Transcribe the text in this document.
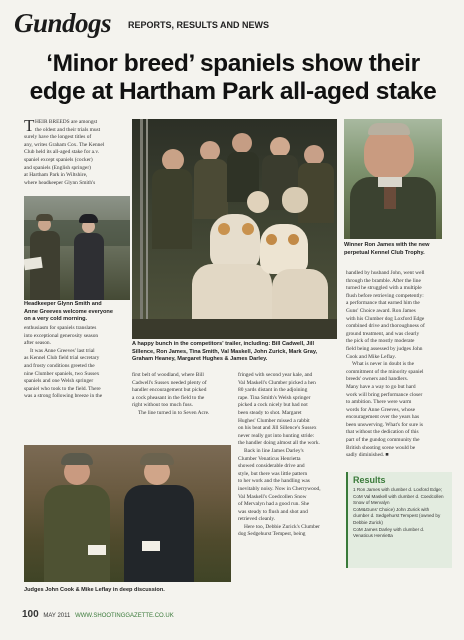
Gundogs REPORTS, RESULTS AND NEWS
‘Minor breed’ spaniels show their
edge at Hartham Park all-aged stake
T HEIR BREEDS are amongst
the oldest and their trials must
surely have the longest titles of
any, writes Graham Cox. The Kennel
Club held its all-aged stake for a.v.
spaniel except spaniels (cocker)
and spaniels (English springer)
at Hartham Park in Wiltshire,
where headkeeper Glynn Smith's

Headkeeper Glynn Smith and
Anne Greeves welcome everyone
on a very cold morning.

enthusiasm for spaniels translates
into exceptional generosity season
after season.
It was Anne Greeves' last trial
as Kennel Club field trial secretary
and frosty conditions greeted the
nine Clumber spaniels, two Sussex
spaniels and one Welsh springer
spaniel who took to the field. There
was a strong following breeze in the

A happy bunch in the competitors' trailer, including: Bill Cadwell, Jill
Sillence, Ron James, Tina Smith, Val Maskell, John Zurick, Mark Gray,
Graham Heaney, Margaret Hughes & James Darley.

Winner Ron James with the new
perpetual Kennel Club Trophy.

first belt of woodland, where Bill
Cadwell's Sussex needed plenty of
handler encouragement but picked
a cock pheasant in the field to the
right without too much fuss.
The line turned in to Seven Acre.

fringed with second year kale, and
Val Maskell's Clumber picked a hen
80 yards distant in the adjoining
rape. Tina Smith's Welsh springer
picked a cock nicely but had not
been steady to shot. Margaret
Hughes' Clumber missed a rabbit
on his beat and Jill Sillence's Sussex
never really got into hunting stride:
the handler doing almost all the work.
Back in line James Darley's
Clumber Venaticus Henrietta
showed considerable drive and
style, but there was little pattern
to her work and the handling was
inevitably noisy. Now in Cherrywood,
Val Maskell's Coedcollen Snow
of Mervalyn had a good run. She
was steady to flush and shot and
retrieved cleanly.
Here too, Debbie Zurick's Clumber
dog Sedgehurst Tempest, being

handled by husband John, went well
through the bramble. After the line
turned he struggled with a multiple
flush before retrieving competently:
a performance that earned him the
Guns' Choice award. Ron James
with his Clumber dog Loxford Edge
combined drive and thoroughness of
ground treatment, and was clearly
the pick of the mostly moderate
field being assessed by judges John
Cook and Mike Leflay.
What is never in doubt is the
commitment of the minority spaniel
breeds' owners and handlers.
Many have a way to go but hard
work will bring performance closer
to ambition. There were warm
words for Anne Greeves, whose
encouragement over the years has
been unswerving. What's for sure is
that without the dedication of this
part of the gundog community the
British shooting scene would be
sadly diminished. ■

Results
1 Ron James with clumber d. Loxford Edge;
CoM Val Maskell with clumber d. Coedcollen
Snow of Mervalyn
CoM&Guns' Choice) John Zurick with
clumber d. Sedgehurst Tempest (owned by
Debbie Zurick)
CoM James Darley with clumber d.
Venaticus Henrietta
Judges John Cook & Mike Leflay in deep discussion.
100 MAY 2011 WWW.SHOOTINGGAZETTE.CO.UK
